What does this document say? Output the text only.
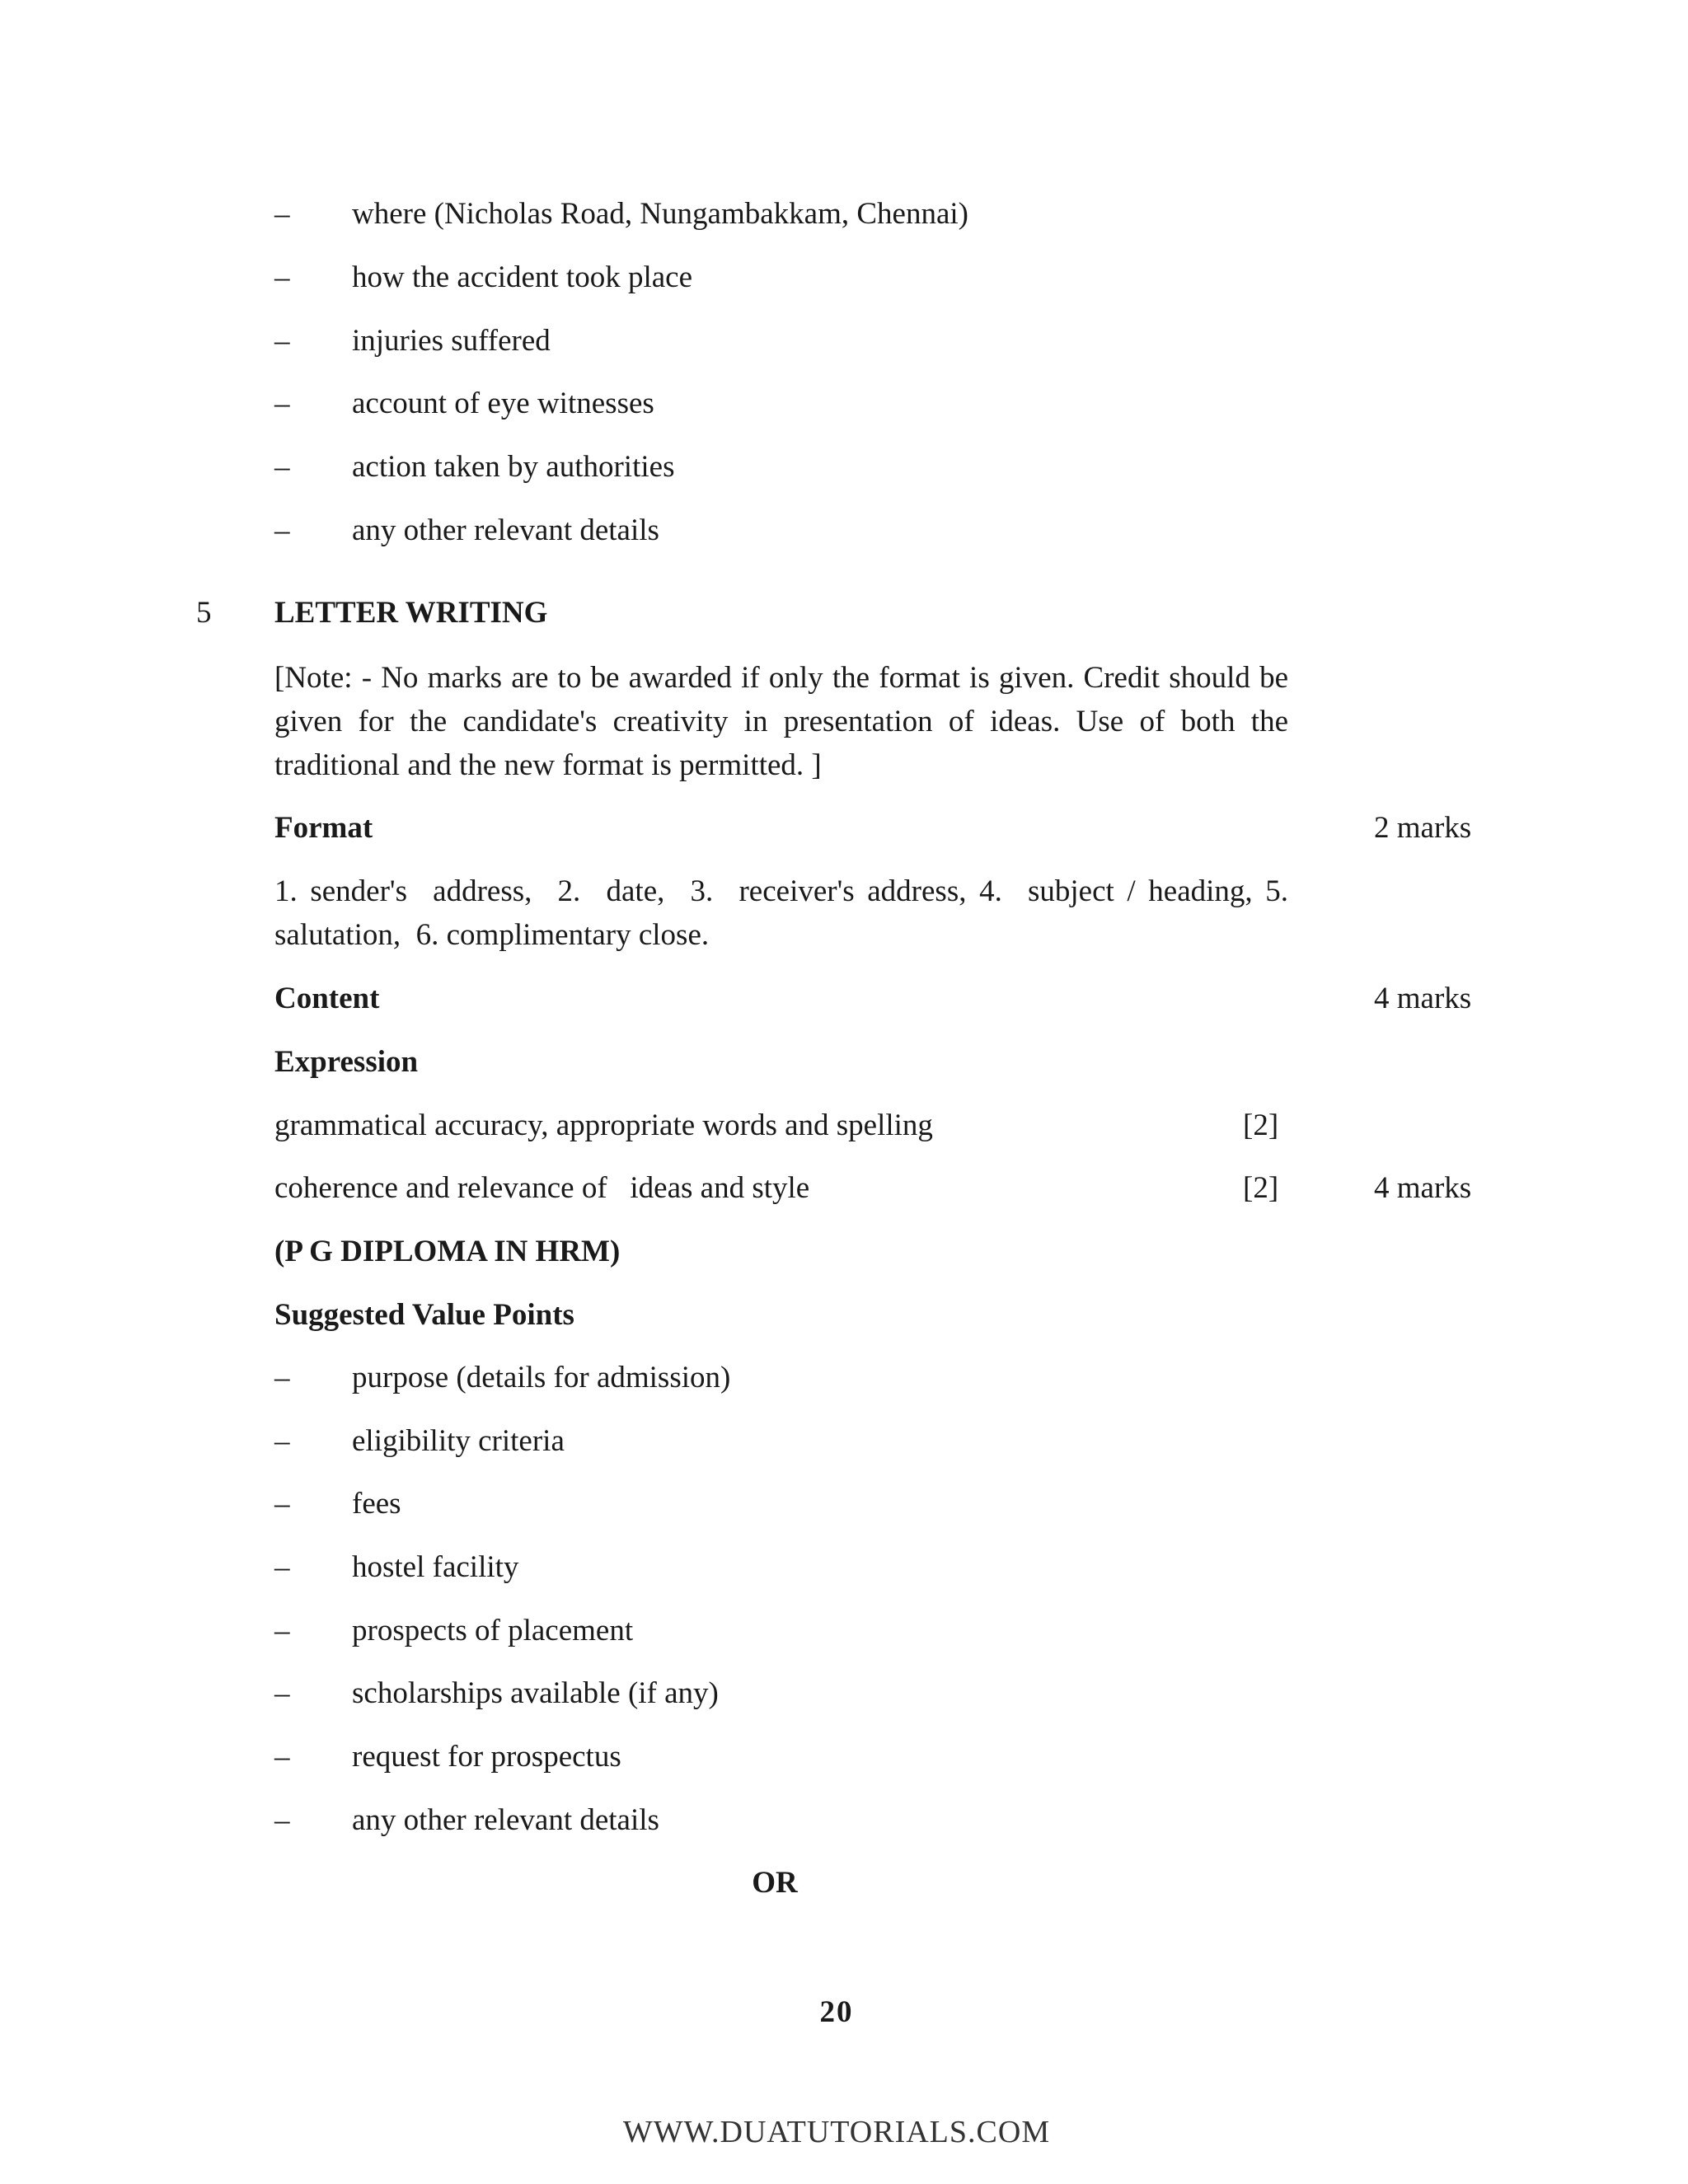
– where (Nicholas Road, Nungambakkam, Chennai)
– how the accident took place
– injuries suffered
– account of eye witnesses
– action taken by authorities
– any other relevant details
5 LETTER WRITING
[Note: - No marks are to be awarded if only the format is given. Credit should be given for the candidate's creativity in presentation of ideas. Use of both the traditional and the new format is permitted. ]
Format	2 marks
1. sender's  address,  2.  date,  3.  receiver's address, 4.  subject / heading, 5. salutation,  6. complimentary close.
Content	4 marks
Expression
grammatical accuracy, appropriate words and spelling	[2]
coherence and relevance of   ideas and style	[2]	4 marks
(P G DIPLOMA IN HRM)
Suggested Value Points
– purpose (details for admission)
– eligibility criteria
– fees
– hostel facility
– prospects of placement
– scholarships available (if any)
– request for prospectus
– any other relevant details
OR
20
WWW.DUATUTORIALS.COM
